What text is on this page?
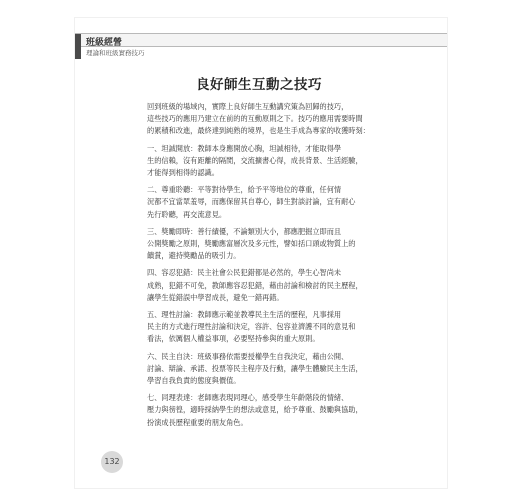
班級經營
理論和班級實務技巧
良好師生互動之技巧
回到班級的場域內，實際上良好師生互動講究策為回歸的技巧，
這些技巧的應用乃建立在前的的互動原則之下。技巧的應用需要時間
的累積和改進，最終達到純熟的境界，也是生手成為專家的收獲時刻：
一、坦誠開放：教師本身應開放心胸，坦誠相待，才能取得學
生的信賴，沒有距離的隔閡，交流擴書心得，成長背景、生活經驗，
才能得到相得的認識。
二、尊重聆聽：平等對待學生，給予平等地位的尊重，任何情
況都不宜當眾羞辱，而應保留其自尊心，師生對談討論，宜有耐心
先行聆聽，再交流意見。
三、獎勵即時：善行績優，不論類別大小，都應肥掘立即而且
公開獎勵之原則，獎勵應富層次及多元性，譬如括口頭或物質上的
饋賞，避持獎勵品的吸引力。
四、容忍犯錯：民主社會公民犯錯都是必然的，學生心智尚未
成熟，犯錯不可免，教師應容忍犯錯，藉由討論和檢討的民主歷程，
讓學生從錯誤中學習成長，避免一錯再錯。
五、理性討論：教師應示範並教導民主生活的歷程，凡事採用
民主的方式進行理性討論和決定，容許、包容並濟護不同的意見和
看法，依厲個人權益事項，必要堅持參與的重大原則。
六、民主自決：班級事務依需要授權學生自我決定，藉由公開、
討論、辯論、承諾、投票等民主程序及行動，讓學生體驗民主生活，
學習自我負責的態度與價值。
七、同理表達：老師應表現同理心，感受學生年齡階段的情緒、
壓力與徬徨，適時採納學生的想法或意見，給予尊重、鼓勵與協助，
扮演成長歷程重要的朋友角色。
132
